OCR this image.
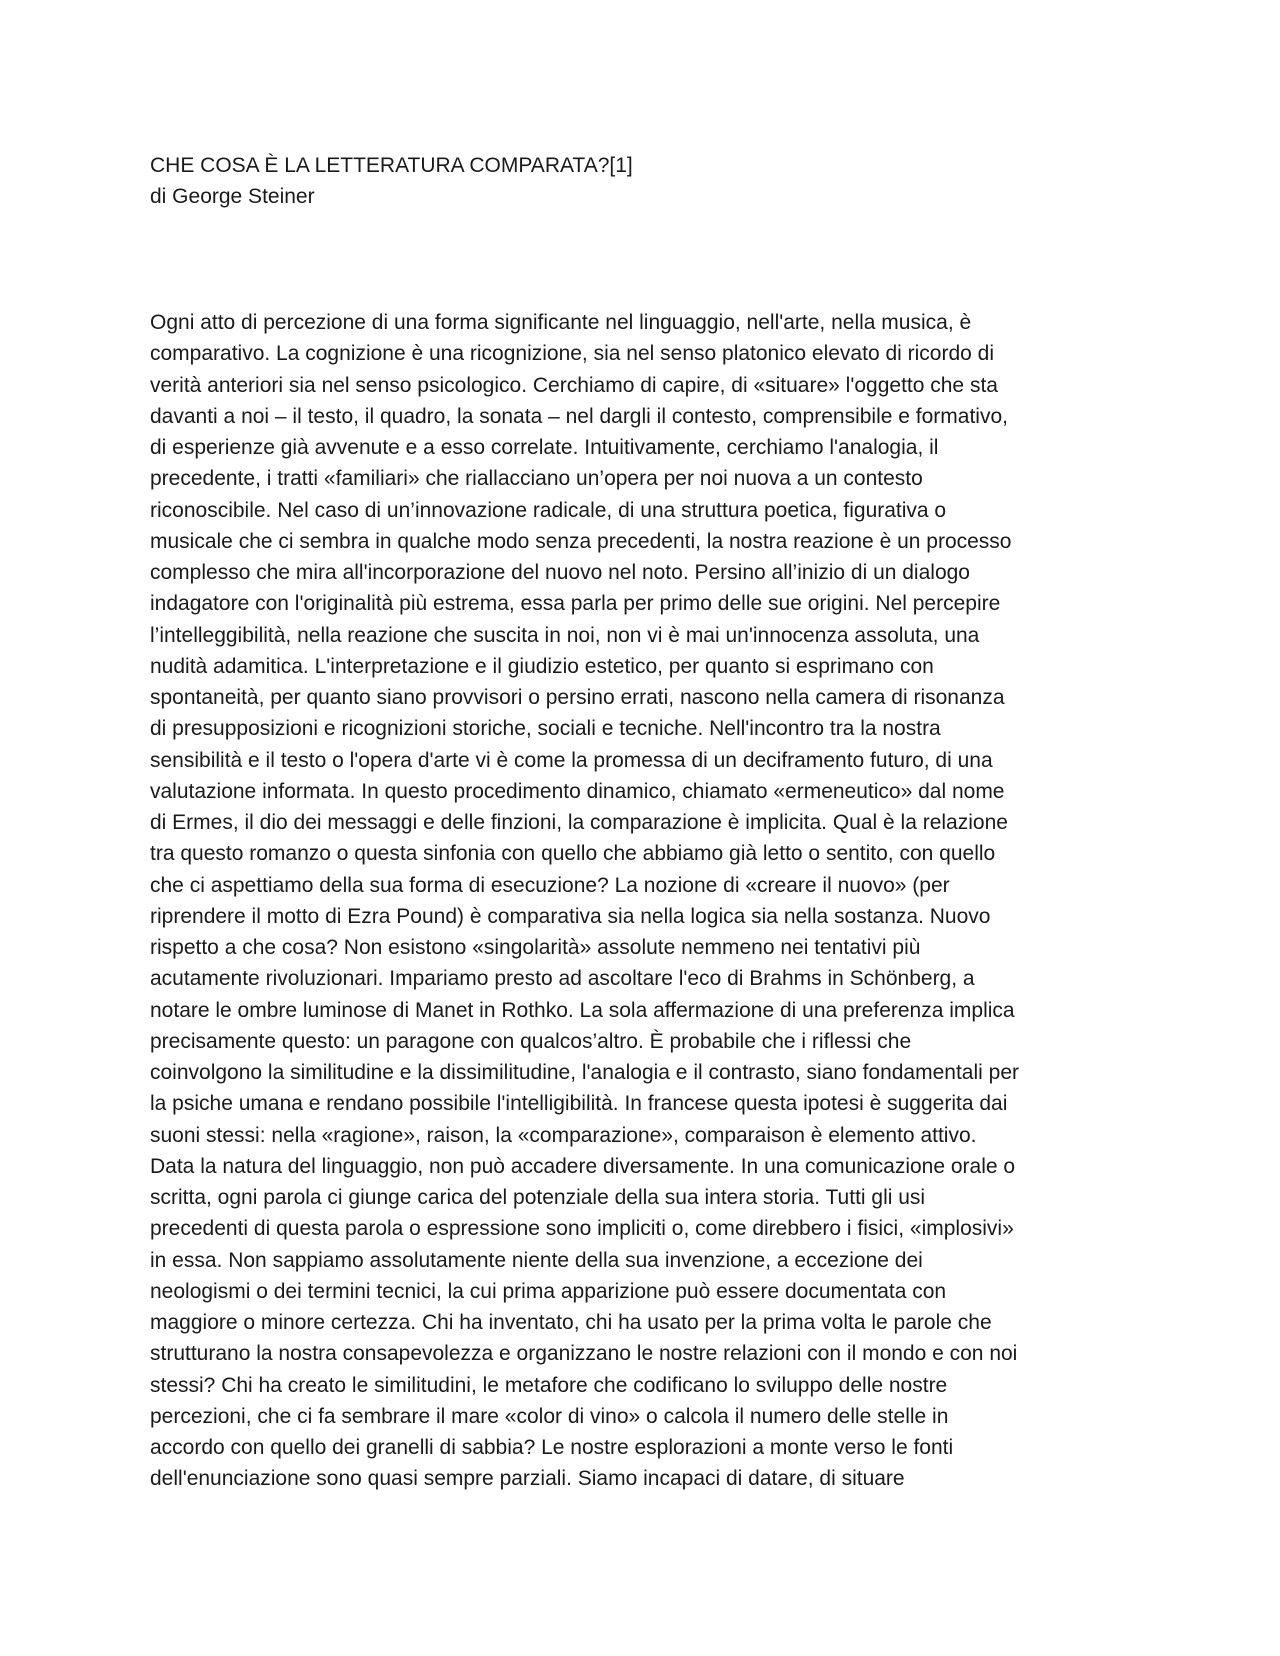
CHE COSA È LA LETTERATURA COMPARATA?[1]
di George Steiner
Ogni atto di percezione di una forma significante nel linguaggio, nell'arte, nella musica, è
comparativo. La cognizione è una ricognizione, sia nel senso platonico elevato di ricordo di
verità anteriori sia nel senso psicologico. Cerchiamo di capire, di «situare» l'oggetto che sta
davanti a noi – il testo, il quadro, la sonata – nel dargli il contesto, comprensibile e formativo,
di esperienze già avvenute e a esso correlate. Intuitivamente, cerchiamo l'analogia, il
precedente, i tratti «familiari» che riallacciano un’opera per noi nuova a un contesto
riconoscibile. Nel caso di un’innovazione radicale, di una struttura poetica, figurativa o
musicale che ci sembra in qualche modo senza precedenti, la nostra reazione è un processo
complesso che mira all'incorporazione del nuovo nel noto. Persino all’inizio di un dialogo
indagatore con l'originalità più estrema, essa parla per primo delle sue origini. Nel percepire
l’intelleggibilità, nella reazione che suscita in noi, non vi è mai un'innocenza assoluta, una
nudità adamitica. L'interpretazione e il giudizio estetico, per quanto si esprimano con
spontaneità, per quanto siano provvisori o persino errati, nascono nella camera di risonanza
di presupposizioni e ricognizioni storiche, sociali e tecniche. Nell'incontro tra la nostra
sensibilità e il testo o l'opera d'arte vi è come la promessa di un deciframento futuro, di una
valutazione informata. In questo procedimento dinamico, chiamato «ermeneutico» dal nome
di Ermes, il dio dei messaggi e delle finzioni, la comparazione è implicita. Qual è la relazione
tra questo romanzo o questa sinfonia con quello che abbiamo già letto o sentito, con quello
che ci aspettiamo della sua forma di esecuzione? La nozione di «creare il nuovo» (per
riprendere il motto di Ezra Pound) è comparativa sia nella logica sia nella sostanza. Nuovo
rispetto a che cosa? Non esistono «singolarità» assolute nemmeno nei tentativi più
acutamente rivoluzionari. Impariamo presto ad ascoltare l'eco di Brahms in Schönberg, a
notare le ombre luminose di Manet in Rothko. La sola affermazione di una preferenza implica
precisamente questo: un paragone con qualcos’altro. È probabile che i riflessi che
coinvolgono la similitudine e la dissimilitudine, l'analogia e il contrasto, siano fondamentali per
la psiche umana e rendano possibile l'intelligibilità. In francese questa ipotesi è suggerita dai
suoni stessi: nella «ragione», raison, la «comparazione», comparaison è elemento attivo.
Data la natura del linguaggio, non può accadere diversamente. In una comunicazione orale o
scritta, ogni parola ci giunge carica del potenziale della sua intera storia. Tutti gli usi
precedenti di questa parola o espressione sono impliciti o, come direbbero i fisici, «implosivi»
in essa. Non sappiamo assolutamente niente della sua invenzione, a eccezione dei
neologismi o dei termini tecnici, la cui prima apparizione può essere documentata con
maggiore o minore certezza. Chi ha inventato, chi ha usato per la prima volta le parole che
strutturano la nostra consapevolezza e organizzano le nostre relazioni con il mondo e con noi
stessi? Chi ha creato le similitudini, le metafore che codificano lo sviluppo delle nostre
percezioni, che ci fa sembrare il mare «color di vino» o calcola il numero delle stelle in
accordo con quello dei granelli di sabbia? Le nostre esplorazioni a monte verso le fonti
dell'enunciazione sono quasi sempre parziali. Siamo incapaci di datare, di situare
